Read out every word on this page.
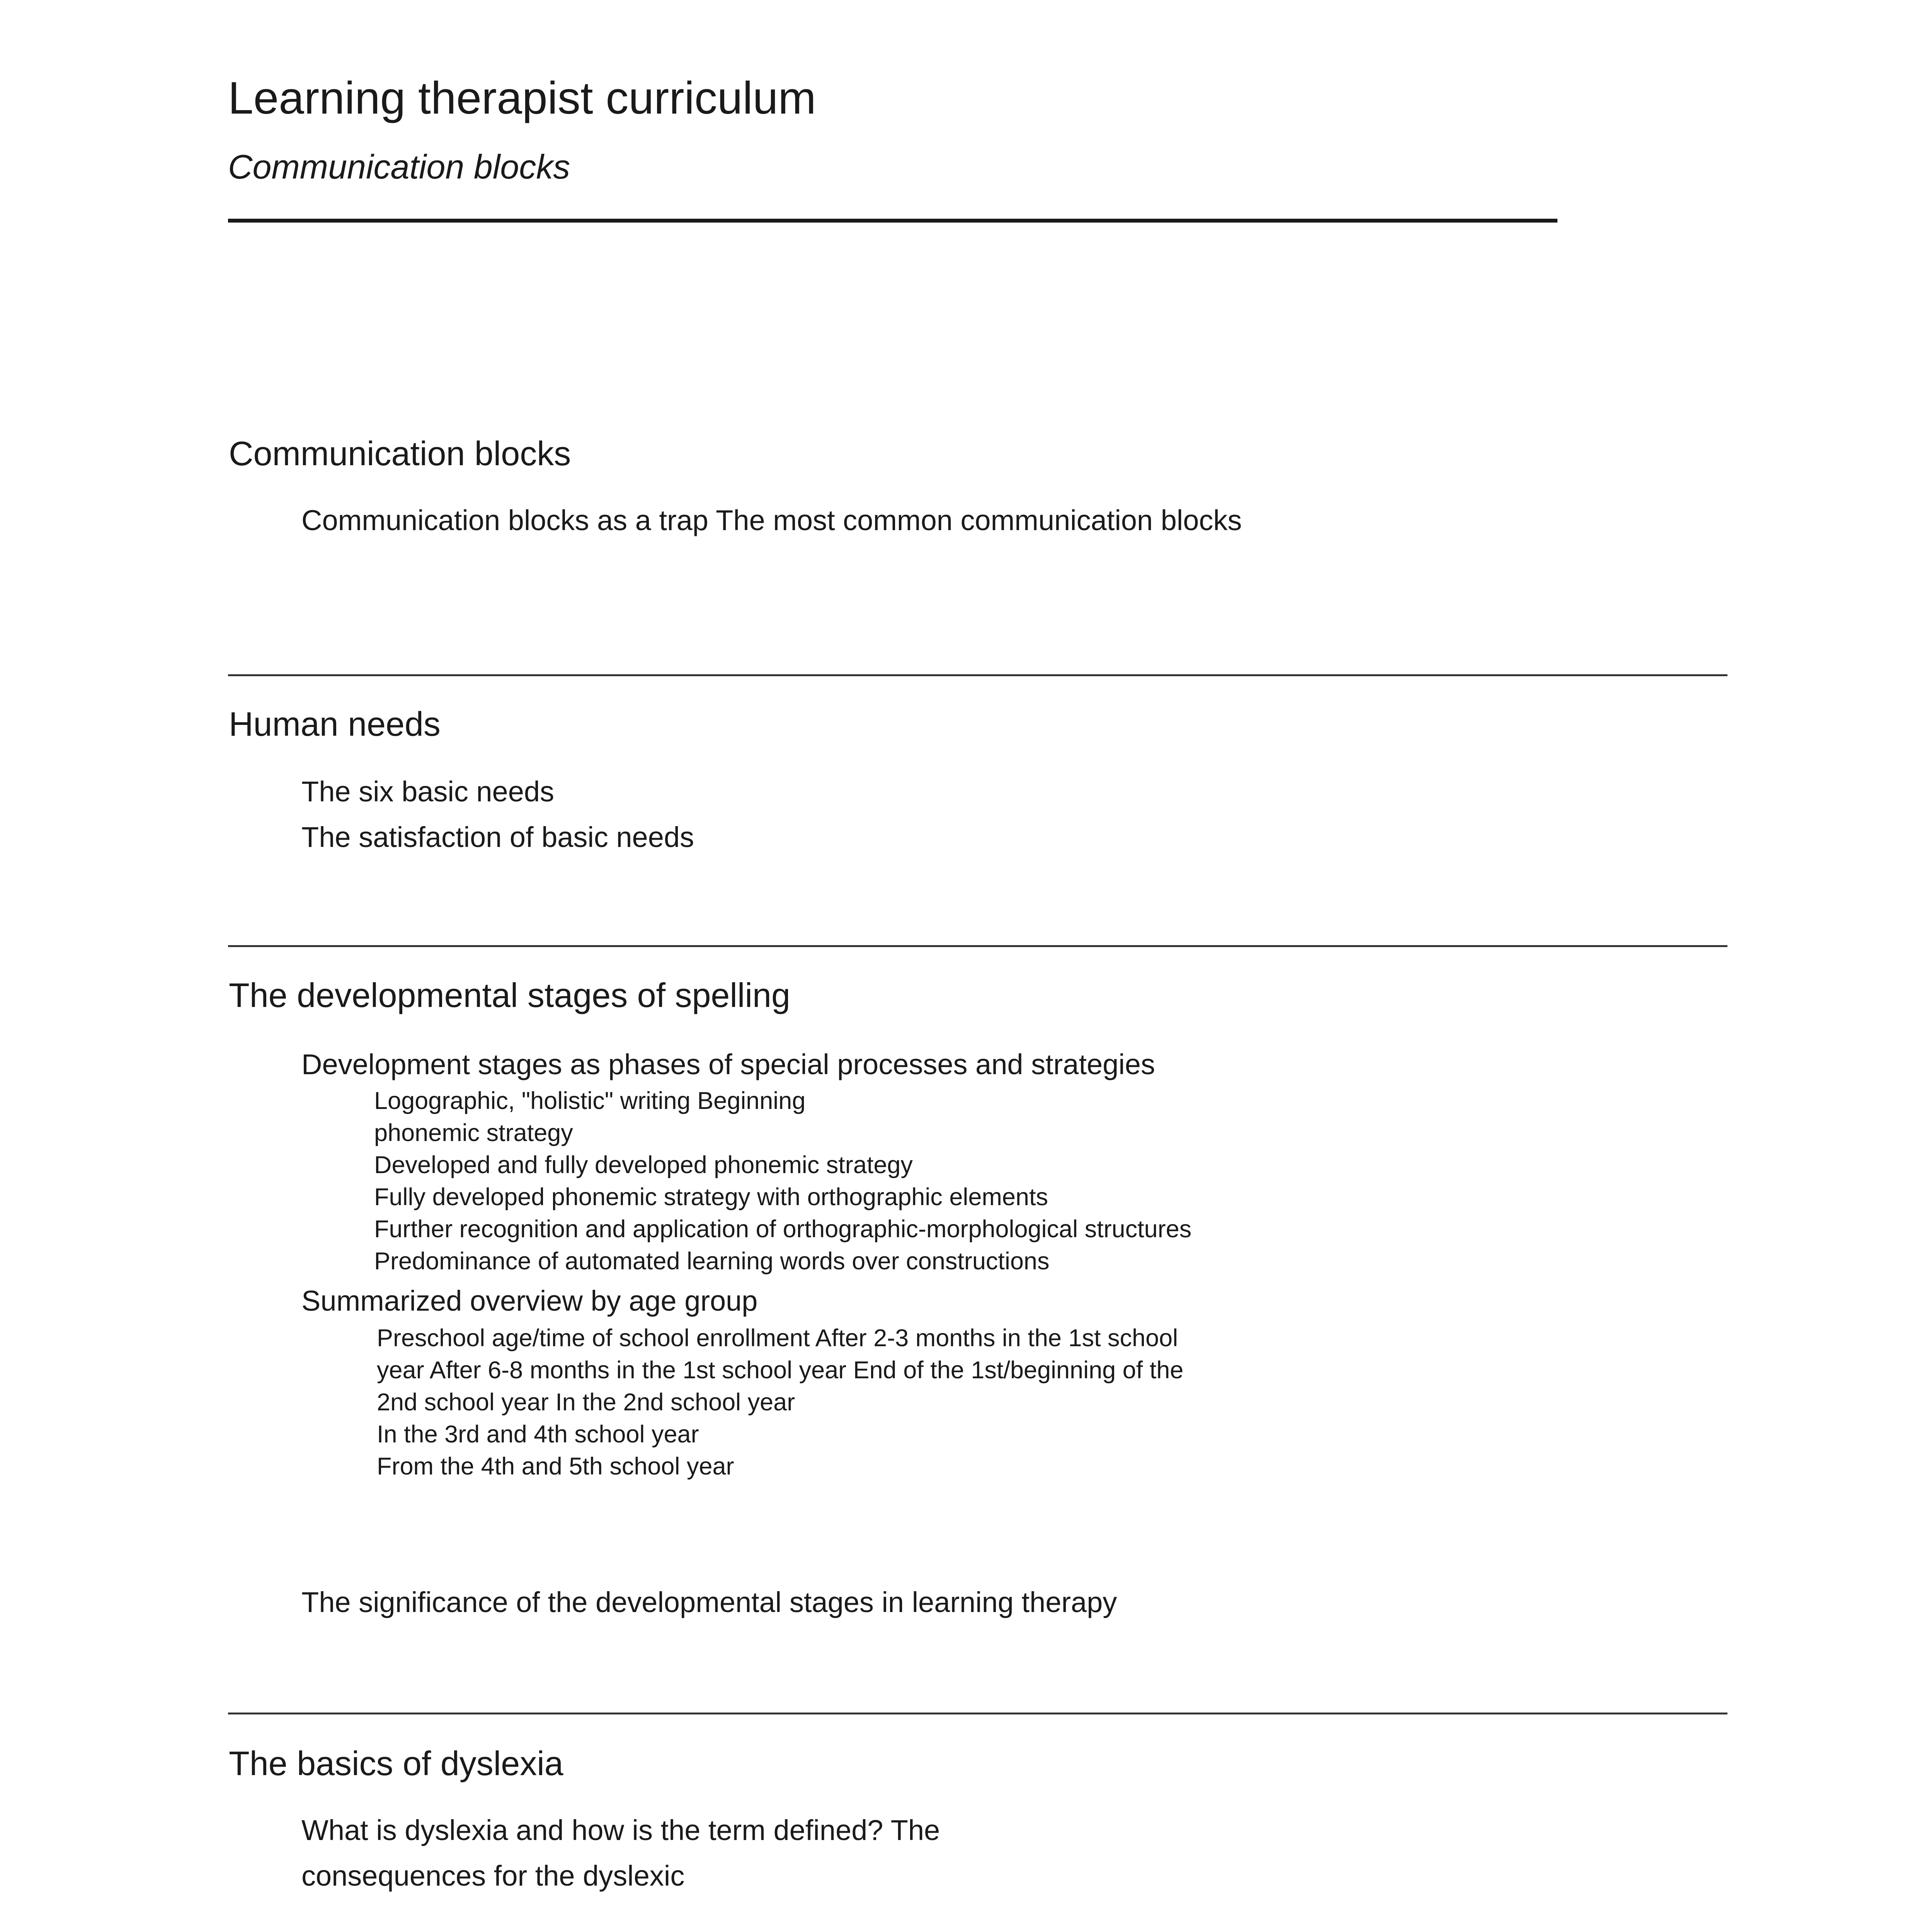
Learning therapist curriculum
Communication blocks
Communication blocks
Communication blocks as a trap The most common communication blocks
Human needs
The six basic needs
The satisfaction of basic needs
The developmental stages of spelling
Development stages as phases of special processes and strategies
Logographic, "holistic" writing Beginning
phonemic strategy
Developed and fully developed phonemic strategy
Fully developed phonemic strategy with orthographic elements
Further recognition and application of orthographic-morphological structures
Predominance of automated learning words over constructions
Summarized overview by age group
Preschool age/time of school enrollment After 2-3 months in the 1st school
year After 6-8 months in the 1st school year End of the 1st/beginning of the
2nd school year In the 2nd school year
In the 3rd and 4th school year
From the 4th and 5th school year
The significance of the developmental stages in learning therapy
The basics of dyslexia
What is dyslexia and how is the term defined? The
consequences for the dyslexic
